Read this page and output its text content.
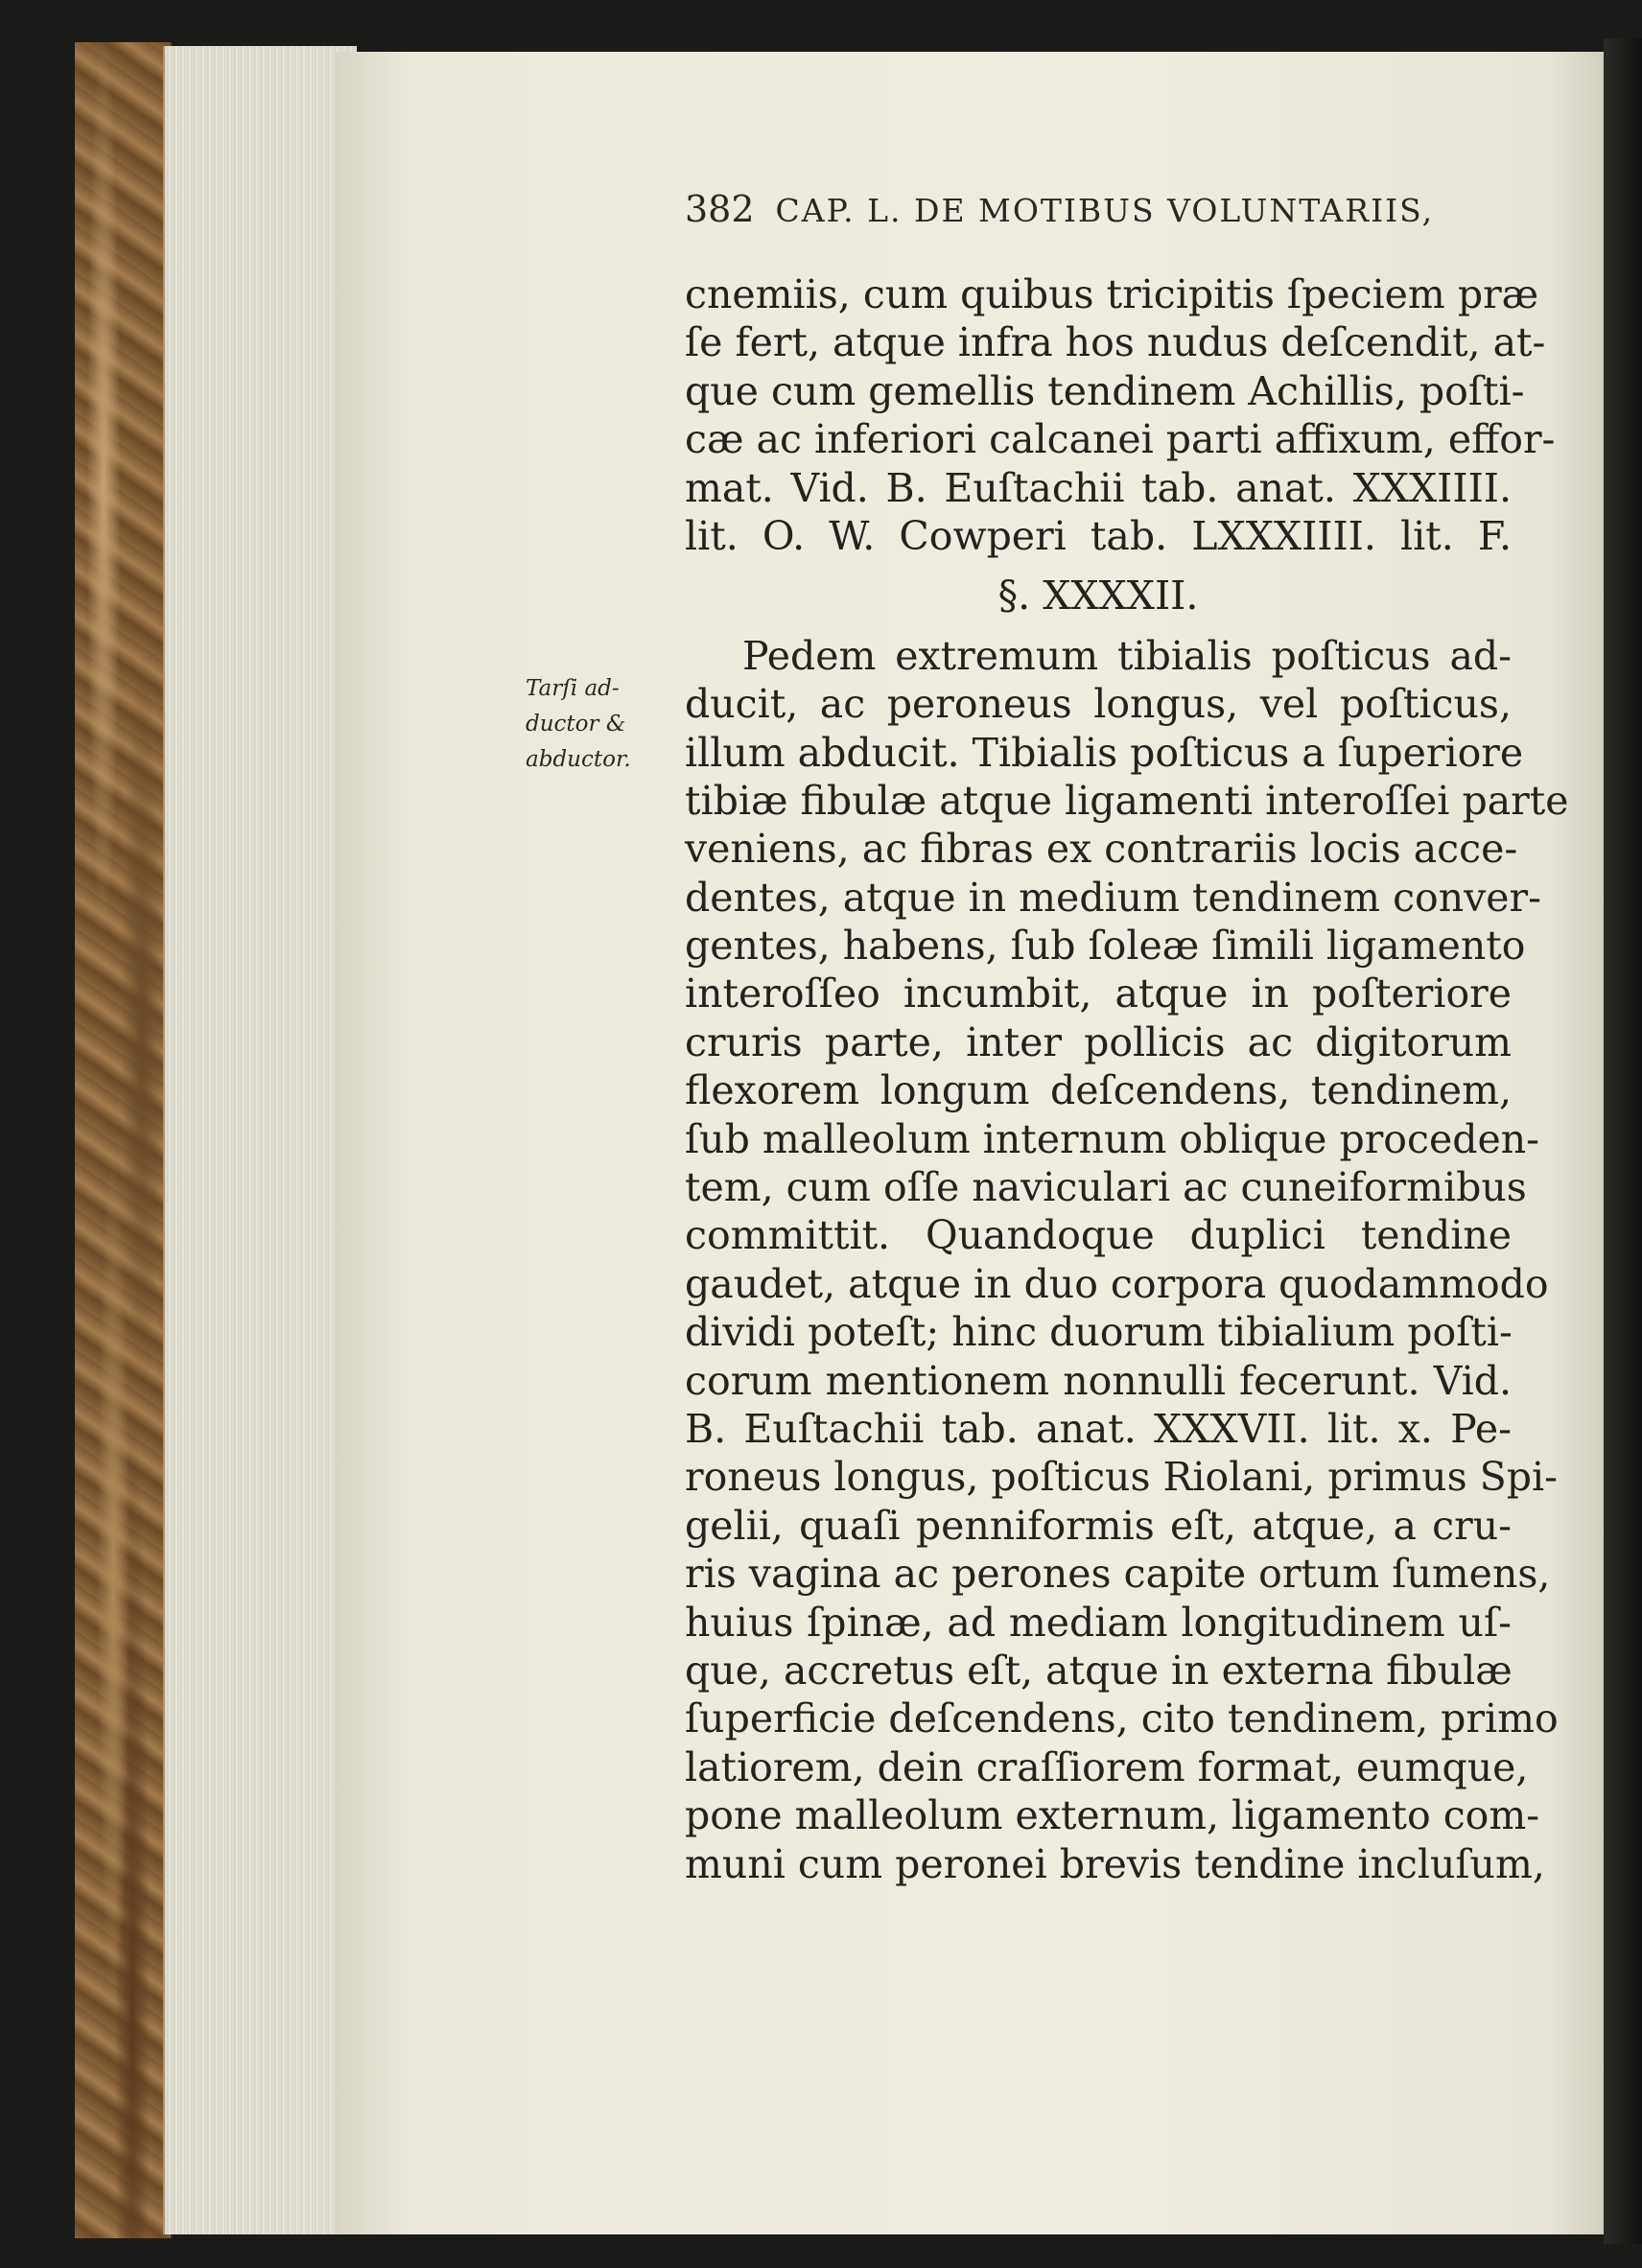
382 CAP. L. DE MOTIBUS VOLUNTARIIS,
Tarſi ad-
ductor &
abductor.
cnemiis, cum quibus tricipitis ſpeciem præ
ſe fert, atque infra hos nudus deſcendit, at-
que cum gemellis tendinem Achillis, poſti-
cæ ac inferiori calcanei parti affixum, effor-
mat. Vid. B. Euſtachii tab. anat. XXXIIII.
lit. O. W. Cowperi tab. LXXXIIII. lit. F.
§. XXXXII.
Pedem extremum tibialis poſticus ad-
ducit, ac peroneus longus, vel poſticus,
illum abducit. Tibialis poſticus a ſuperiore
tibiæ fibulæ atque ligamenti interoſſei parte
veniens, ac fibras ex contrariis locis acce-
dentes, atque in medium tendinem conver-
gentes, habens, ſub ſoleæ ſimili ligamento
interoſſeo incumbit, atque in poſteriore
cruris parte, inter pollicis ac digitorum
flexorem longum deſcendens, tendinem,
ſub malleolum internum oblique proceden-
tem, cum oſſe naviculari ac cuneiformibus
committit. Quandoque duplici tendine
gaudet, atque in duo corpora quodammodo
dividi poteſt; hinc duorum tibialium poſti-
corum mentionem nonnulli fecerunt. Vid.
B. Euſtachii tab. anat. XXXVII. lit. x. Pe-
roneus longus, poſticus Riolani, primus Spi-
gelii, quaſi penniformis eſt, atque, a cru-
ris vagina ac perones capite ortum ſumens,
huius ſpinæ, ad mediam longitudinem uſ-
que, accretus eſt, atque in externa fibulæ
ſuperficie deſcendens, cito tendinem, primo
latiorem, dein craſſiorem format, eumque,
pone malleolum externum, ligamento com-
muni cum peronei brevis tendine incluſum,
